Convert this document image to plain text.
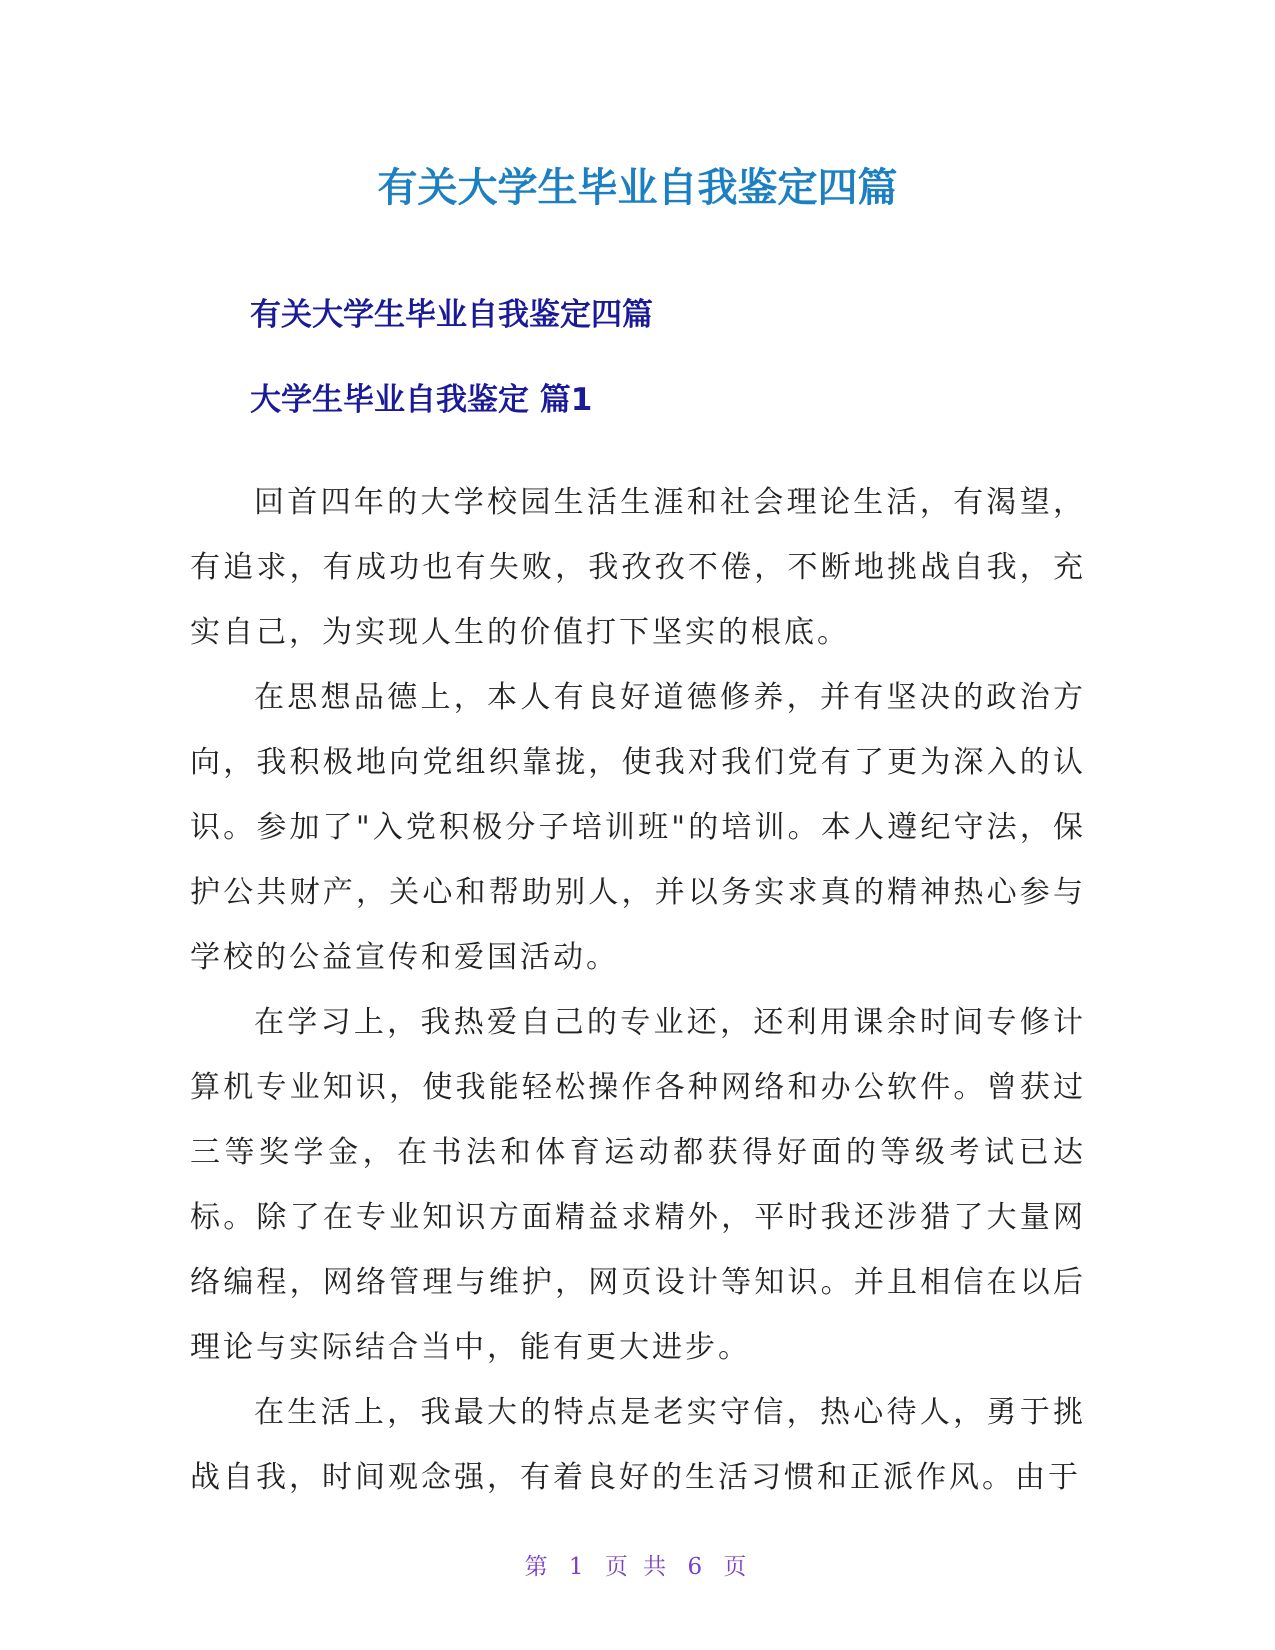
有关大学生毕业自我鉴定四篇
有关大学生毕业自我鉴定四篇
大学生毕业自我鉴定 篇1

回首四年的大学校园生活生涯和社会理论生活，有渴望，有追求，有成功也有失败，我孜孜不倦，不断地挑战自我，充实自己，为实现人生的价值打下坚实的根底。

在思想品德上，本人有良好道德修养，并有坚决的政治方向，我积极地向党组织靠拢，使我对我们党有了更为深入的认识。参加了"入党积极分子培训班"的培训。本人遵纪守法，保护公共财产，关心和帮助别人，并以务实求真的精神热心参与学校的公益宣传和爱国活动。

在学习上，我热爱自己的专业还，还利用课余时间专修计算机专业知识，使我能轻松操作各种网络和办公软件。曾获过三等奖学金，在书法和体育运动都获得好面的等级考试已达标。除了在专业知识方面精益求精外，平时我还涉猎了大量网络编程，网络管理与维护，网页设计等知识。并且相信在以后理论与实际结合当中，能有更大进步。

在生活上，我最大的特点是老实守信，热心待人，勇于挑战自我，时间观念强，有着良好的生活习惯和正派作风。由于

第 1 页 共 6 页
